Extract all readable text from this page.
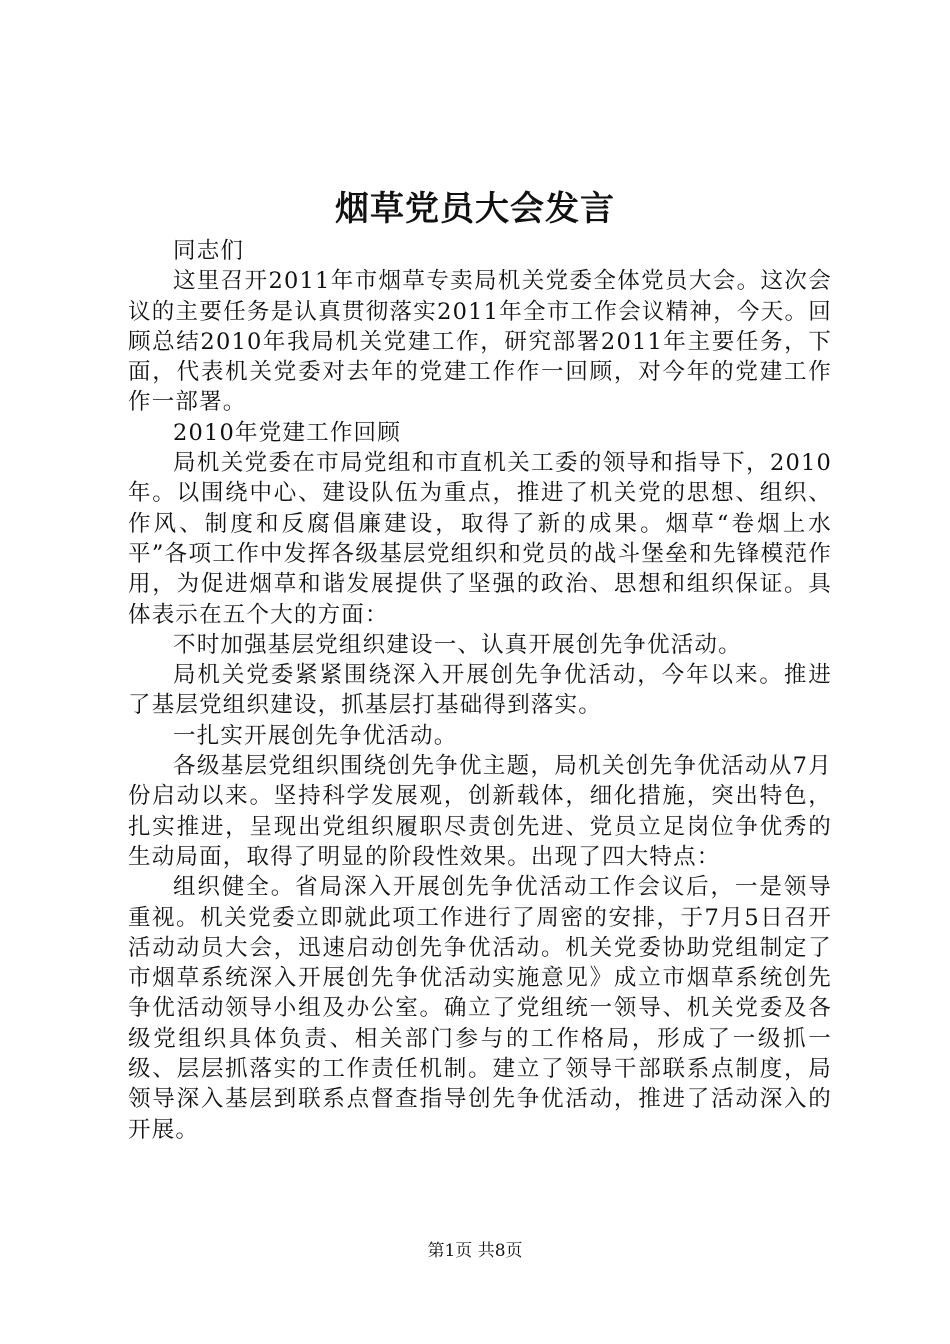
烟草党员大会发言

同志们

这里召开2011年市烟草专卖局机关党委全体党员大会。这次会议的主要任务是认真贯彻落实2011年全市工作会议精神，今天。回顾总结2010年我局机关党建工作，研究部署2011年主要任务，下面，代表机关党委对去年的党建工作作一回顾，对今年的党建工作作一部署。

2010年党建工作回顾

局机关党委在市局党组和市直机关工委的领导和指导下，2010年。以围绕中心、建设队伍为重点，推进了机关党的思想、组织、作风、制度和反腐倡廉建设，取得了新的成果。烟草“卷烟上水平”各项工作中发挥各级基层党组织和党员的战斗堡垒和先锋模范作用，为促进烟草和谐发展提供了坚强的政治、思想和组织保证。具体表示在五个大的方面：

不时加强基层党组织建设一、认真开展创先争优活动。

局机关党委紧紧围绕深入开展创先争优活动，今年以来。推进了基层党组织建设，抓基层打基础得到落实。

一扎实开展创先争优活动。

各级基层党组织围绕创先争优主题，局机关创先争优活动从7月份启动以来。坚持科学发展观，创新载体，细化措施，突出特色，扎实推进，呈现出党组织履职尽责创先进、党员立足岗位争优秀的生动局面，取得了明显的阶段性效果。出现了四大特点：

组织健全。省局深入开展创先争优活动工作会议后，一是领导重视。机关党委立即就此项工作进行了周密的安排，于7月5日召开活动动员大会，迅速启动创先争优活动。机关党委协助党组制定了市烟草系统深入开展创先争优活动实施意见》成立市烟草系统创先争优活动领导小组及办公室。确立了党组统一领导、机关党委及各级党组织具体负责、相关部门参与的工作格局，形成了一级抓一级、层层抓落实的工作责任机制。建立了领导干部联系点制度，局领导深入基层到联系点督查指导创先争优活动，推进了活动深入的开展。

第1页 共8页
